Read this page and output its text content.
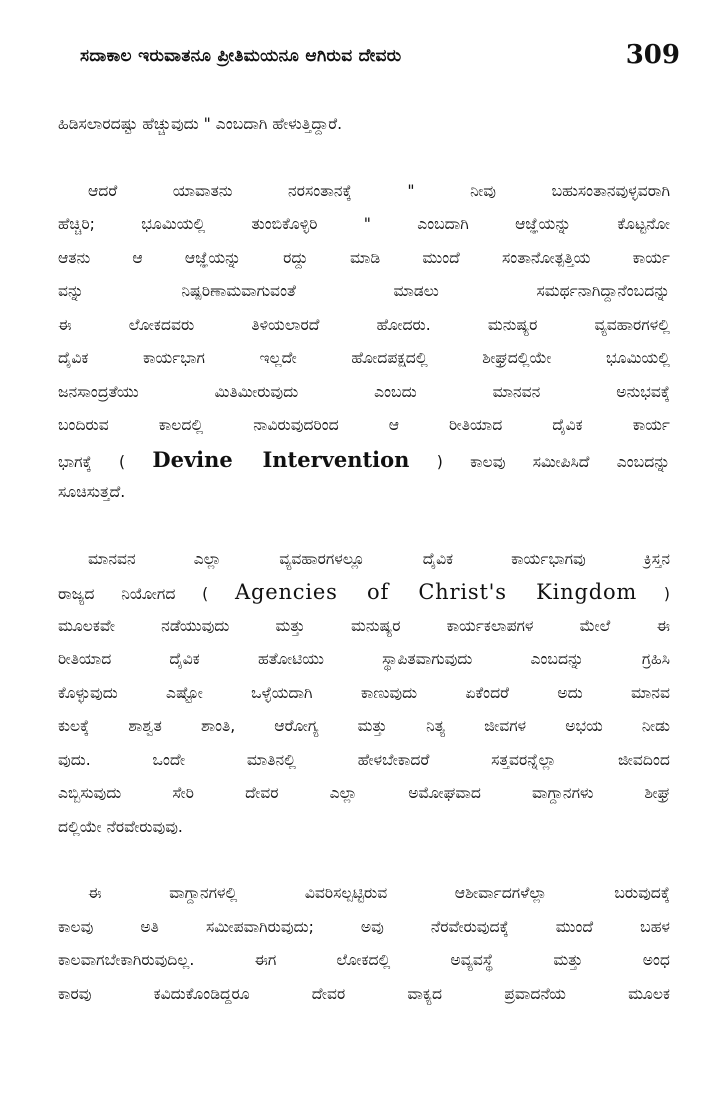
ಸದಾಕಾಲ ಇರುವಾತನೂ ಪ್ರೀತಿಮಯನೂ ಆಗಿರುವ ದೇವರು	309
ಹಿಡಿಸಲಾರದಷ್ಟು ಹೆಚ್ಚುವುದು " ಎಂಬದಾಗಿ ಹೇಳುತ್ತಿದ್ದಾರೆ.
ಆದರೆ ಯಾವಾತನು ನರಸಂತಾನಕ್ಕೆ " ನೀವು ಬಹುಸಂತಾನವುಳ್ಳವರಾಗಿ
ಹೆಚ್ಚಿರಿ; ಭೂಮಿಯಲ್ಲಿ ತುಂಬಿಕೊಳ್ಳಿರಿ " ಎಂಬದಾಗಿ ಆಜ್ಞೆಯನ್ನು ಕೊಟ್ಟನೋ
ಆತನು ಆ ಆಜ್ಞೆಯನ್ನು ರದ್ದು ಮಾಡಿ ಮುಂದೆ ಸಂತಾನೋತ್ಪತ್ತಿಯ ಕಾರ್ಯ
ವನ್ನು ನಿಷ್ಪರಿಣಾಮವಾಗುವಂತೆ ಮಾಡಲು ಸಮರ್ಥನಾಗಿದ್ದಾನೆಂಬದನ್ನು
ಈ ಲೋಕದವರು ತಿಳಿಯಲಾರದೆ ಹೋದರು. ಮನುಷ್ಯರ ವ್ಯವಹಾರಗಳಲ್ಲಿ
ದೈವಿಕ ಕಾರ್ಯಭಾಗ ಇಲ್ಲದೇ ಹೋದಪಕ್ಷದಲ್ಲಿ ಶೀಘ್ರದಲ್ಲಿಯೇ ಭೂಮಿಯಲ್ಲಿ
ಜನಸಾಂದ್ರತೆಯು ಮಿತಿಮೀರುವುದು ಎಂಬದು ಮಾನವನ ಅನುಭವಕ್ಕೆ
ಬಂದಿರುವ ಕಾಲದಲ್ಲಿ ನಾವಿರುವುದರಿಂದ ಆ ರೀತಿಯಾದ ದೈವಿಕ ಕಾರ್ಯ
ಭಾಗಕ್ಕೆ ( Devine Intervention ) ಕಾಲವು ಸಮೀಪಿಸಿದೆ ಎಂಬದನ್ನು
ಸೂಚಿಸುತ್ತದೆ.
ಮಾನವನ ಎಲ್ಲಾ ವ್ಯವಹಾರಗಳಲ್ಲೂ ದೈವಿಕ ಕಾರ್ಯಭಾಗವು ಕ್ರಿಸ್ತನ
ರಾಜ್ಯದ ನಿಯೋಗದ ( Agencies of Christ's Kingdom )
ಮೂಲಕವೇ ನಡೆಯುವುದು ಮತ್ತು ಮನುಷ್ಯರ ಕಾರ್ಯಕಲಾಪಗಳ ಮೇಲೆ ಈ
ರೀತಿಯಾದ ದೈವಿಕ ಹತೋಟಿಯು ಸ್ಥಾಪಿತವಾಗುವುದು ಎಂಬದನ್ನು ಗ್ರಹಿಸಿ
ಕೊಳ್ಳುವುದು ಎಷ್ಟೋ ಒಳ್ಳೆಯದಾಗಿ ಕಾಣುವುದು ಏಕೆಂದರೆ ಅದು ಮಾನವ
ಕುಲಕ್ಕೆ ಶಾಶ್ವತ ಶಾಂತಿ, ಆರೋಗ್ಯ ಮತ್ತು ನಿತ್ಯ ಜೀವಗಳ ಅಭಯ ನೀಡು
ವುದು. ಒಂದೇ ಮಾತಿನಲ್ಲಿ ಹೇಳಬೇಕಾದರೆ ಸತ್ತವರನ್ನೆಲ್ಲಾ ಜೀವದಿಂದ
ಎಬ್ಬಿಸುವುದು ಸೇರಿ ದೇವರ ಎಲ್ಲಾ ಅಮೋಘವಾದ ವಾಗ್ದಾನಗಳು ಶೀಘ್ರ
ದಲ್ಲಿಯೇ ನೆರವೇರುವುವು.
ಈ ವಾಗ್ದಾನಗಳಲ್ಲಿ ವಿವರಿಸಲ್ಪಟ್ಟಿರುವ ಆಶೀರ್ವಾದಗಳೆಲ್ಲಾ ಬರುವುದಕ್ಕೆ
ಕಾಲವು ಅತಿ ಸಮೀಪವಾಗಿರುವುದು; ಅವು ನೆರವೇರುವುದಕ್ಕೆ ಮುಂದೆ ಬಹಳ
ಕಾಲವಾಗಬೇಕಾಗಿರುವುದಿಲ್ಲ. ಈಗ ಲೋಕದಲ್ಲಿ ಅವ್ಯವಸ್ಥೆ ಮತ್ತು ಅಂಧ
ಕಾರವು ಕವಿದುಕೊಂಡಿದ್ದರೂ ದೇವರ ವಾಕ್ಯದ ಪ್ರವಾದನೆಯ ಮೂಲಕ
